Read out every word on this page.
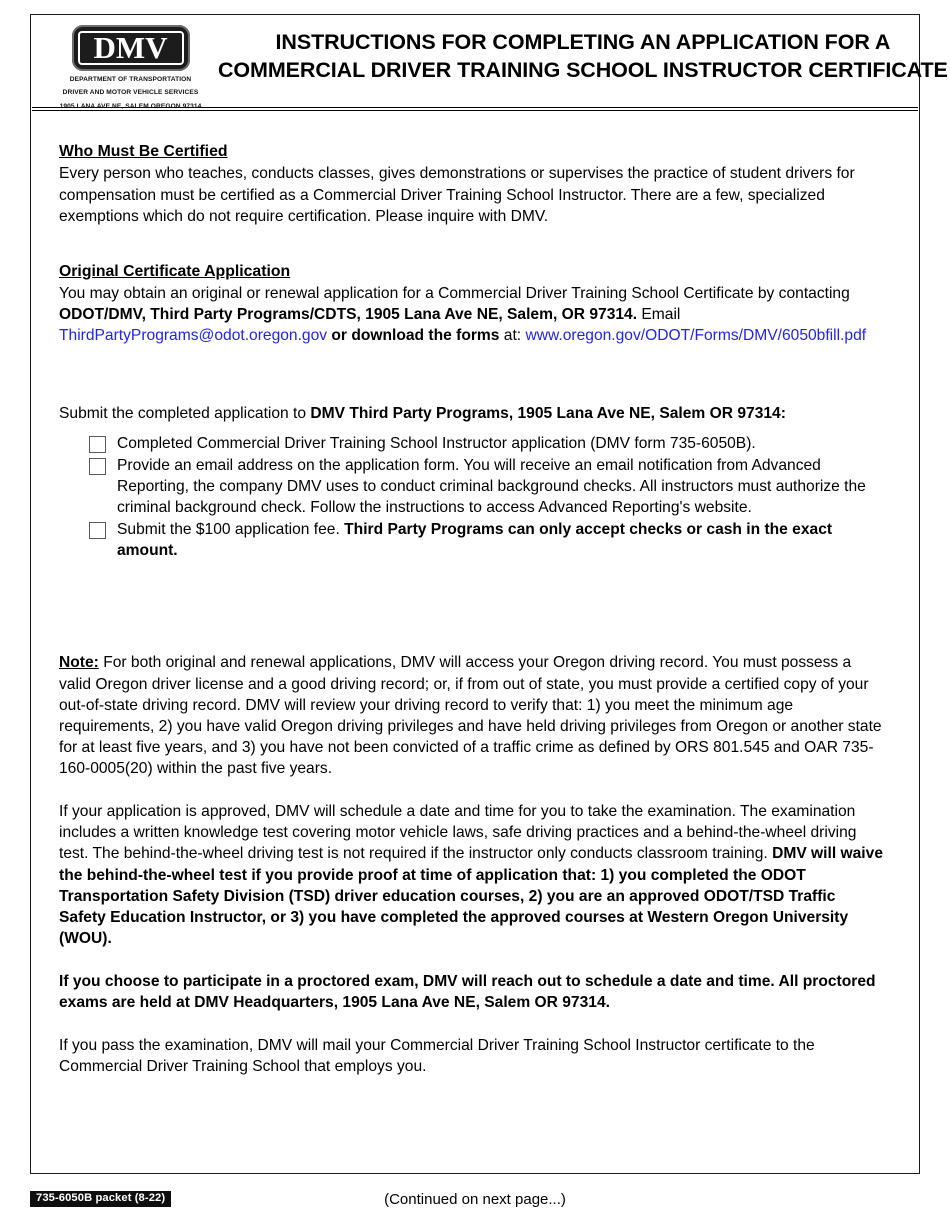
DMV
DEPARTMENT OF TRANSPORTATION
DRIVER AND MOTOR VEHICLE SERVICES
1905 LANA AVE NE, SALEM OREGON 97314
INSTRUCTIONS FOR COMPLETING AN APPLICATION FOR A
COMMERCIAL DRIVER TRAINING SCHOOL INSTRUCTOR CERTIFICATE
Who Must Be Certified

Every person who teaches, conducts classes, gives demonstrations or supervises the practice of student drivers for compensation must be certified as a Commercial Driver Training School Instructor. There are a few, specialized exemptions which do not require certification. Please inquire with DMV.

Original Certificate Application

You may obtain an original or renewal application for a Commercial Driver Training School Certificate by contacting ODOT/DMV, Third Party Programs/CDTS, 1905 Lana Ave NE, Salem, OR 97314. Email ThirdPartyPrograms@odot.oregon.gov or download the forms at: www.oregon.gov/ODOT/Forms/DMV/6050bfill.pdf

Submit the completed application to DMV Third Party Programs, 1905 Lana Ave NE, Salem OR 97314:

Completed Commercial Driver Training School Instructor application (DMV form 735-6050B).
Provide an email address on the application form. You will receive an email notification from Advanced Reporting, the company DMV uses to conduct criminal background checks. All instructors must authorize the criminal background check. Follow the instructions to access Advanced Reporting's website.
Submit the $100 application fee. Third Party Programs can only accept checks or cash in the exact amount.

Note: For both original and renewal applications, DMV will access your Oregon driving record. You must possess a valid Oregon driver license and a good driving record; or, if from out of state, you must provide a certified copy of your out-of-state driving record. DMV will review your driving record to verify that: 1) you meet the minimum age requirements, 2) you have valid Oregon driving privileges and have held driving privileges from Oregon or another state for at least five years, and 3) you have not been convicted of a traffic crime as defined by ORS 801.545 and OAR 735-160-0005(20) within the past five years.

If your application is approved, DMV will schedule a date and time for you to take the examination. The examination includes a written knowledge test covering motor vehicle laws, safe driving practices and a behind-the-wheel driving test. The behind-the-wheel driving test is not required if the instructor only conducts classroom training. DMV will waive the behind-the-wheel test if you provide proof at time of application that: 1) you completed the ODOT Transportation Safety Division (TSD) driver education courses, 2) you are an approved ODOT/TSD Traffic Safety Education Instructor, or 3) you have completed the approved courses at Western Oregon University (WOU).

If you choose to participate in a proctored exam, DMV will reach out to schedule a date and time. All proctored exams are held at DMV Headquarters, 1905 Lana Ave NE, Salem OR 97314.

If you pass the examination, DMV will mail your Commercial Driver Training School Instructor certificate to the Commercial Driver Training School that employs you.

735-6050B packet (8-22)	(Continued on next page...)
